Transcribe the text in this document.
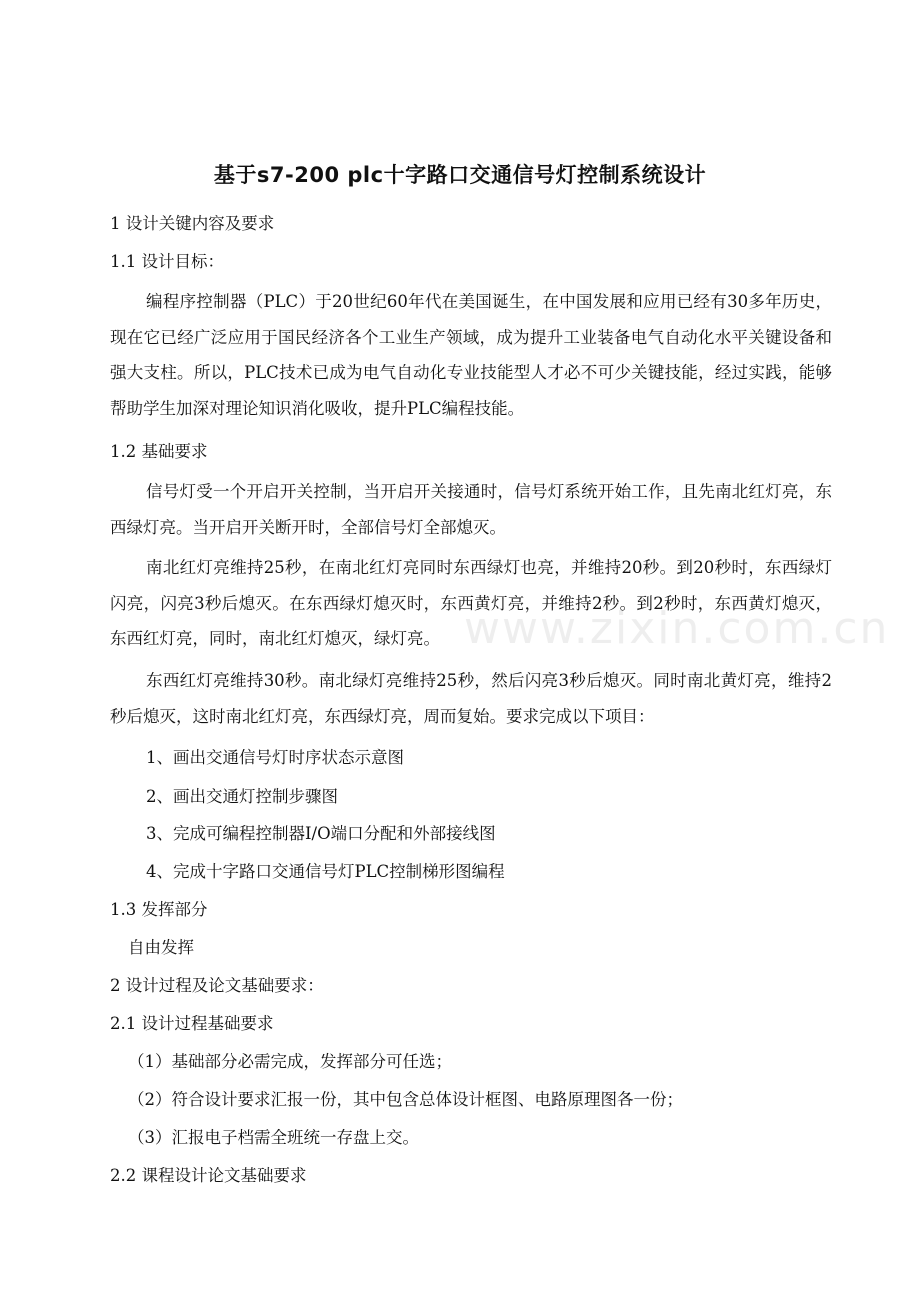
www.zixin.com.cn
基于s7-200 plc十字路口交通信号灯控制系统设计
1 设计关键内容及要求
1.1 设计目标：
编程序控制器（PLC）于20世纪60年代在美国诞生，在中国发展和应用已经有30多年历史，现在它已经广泛应用于国民经济各个工业生产领域，成为提升工业装备电气自动化水平关键设备和强大支柱。所以，PLC技术已成为电气自动化专业技能型人才必不可少关键技能，经过实践，能够帮助学生加深对理论知识消化吸收，提升PLC编程技能。
1.2 基础要求
信号灯受一个开启开关控制，当开启开关接通时，信号灯系统开始工作，且先南北红灯亮，东西绿灯亮。当开启开关断开时，全部信号灯全部熄灭。
南北红灯亮维持25秒，在南北红灯亮同时东西绿灯也亮，并维持20秒。到20秒时，东西绿灯闪亮，闪亮3秒后熄灭。在东西绿灯熄灭时，东西黄灯亮，并维持2秒。到2秒时，东西黄灯熄灭，东西红灯亮，同时，南北红灯熄灭，绿灯亮。
东西红灯亮维持30秒。南北绿灯亮维持25秒，然后闪亮3秒后熄灭。同时南北黄灯亮，维持2秒后熄灭，这时南北红灯亮，东西绿灯亮，周而复始。要求完成以下项目：
1、画出交通信号灯时序状态示意图
2、画出交通灯控制步骤图
3、完成可编程控制器I/O端口分配和外部接线图
4、完成十字路口交通信号灯PLC控制梯形图编程
1.3 发挥部分
自由发挥
2 设计过程及论文基础要求：
2.1 设计过程基础要求
（1）基础部分必需完成，发挥部分可任选；
（2）符合设计要求汇报一份，其中包含总体设计框图、电路原理图各一份；
（3）汇报电子档需全班统一存盘上交。
2.2 课程设计论文基础要求
